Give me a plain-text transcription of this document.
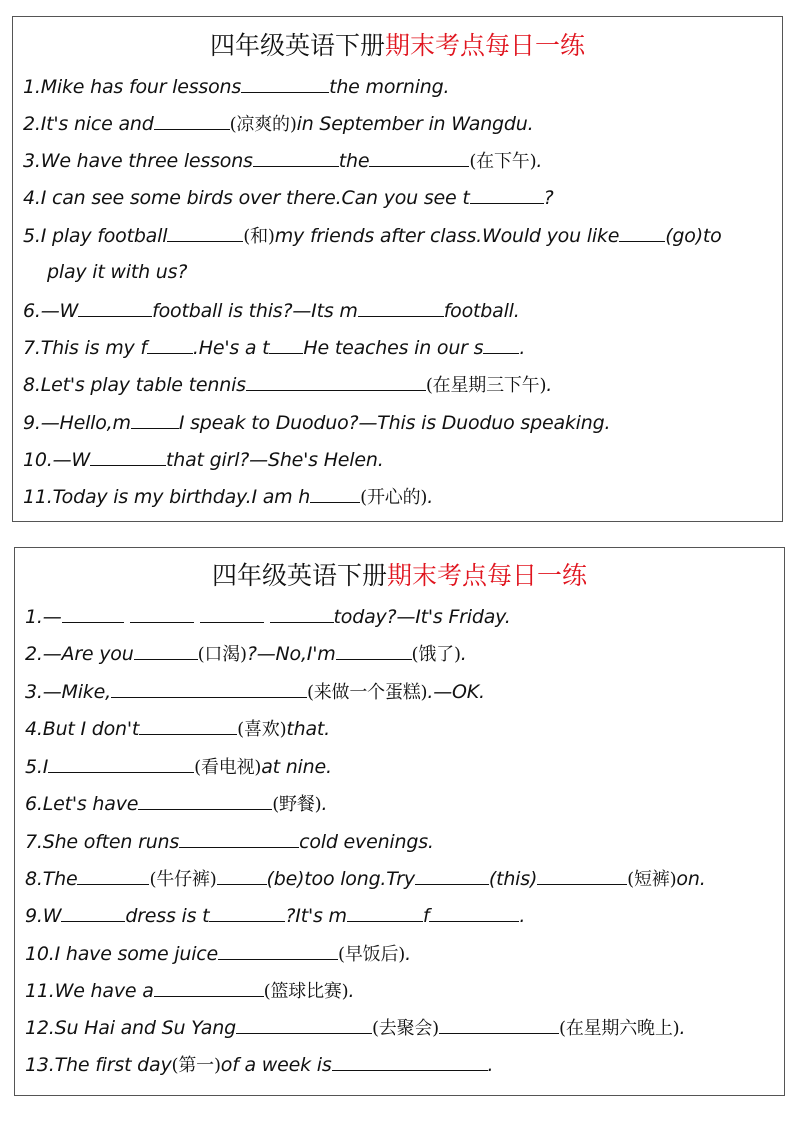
四年级英语下册期末考点每日一练
1.Mike has four lessons	the morning.
2.It's nice and	(凉爽的)in September in Wangdu.
3.We have three lessons	the	(在下午).
4.I can see some birds over there.Can you see t	?
5.I play football	(和)my friends after class.Would you like (go)to
play it with us?
6.—W	football is this?—Its m	football.
7.This is my f .He's a t He teaches in our s .
8.Let's play table tennis	(在星期三下午).
9.—Hello,m	I speak to Duoduo?—This is Duoduo speaking.
10.—W	that girl?—She's Helen.
11.Today is my birthday.I am h	(开心的).
四年级英语下册期末考点每日一练
1.—	today?—It's Friday.
2.—Are you	(口渴)?—No,I'm	(饿了).
3.—Mike,	(来做一个蛋糕).—OK.
4.But I don't	(喜欢)that.
5.I	(看电视)at nine.
6.Let's have	(野餐).
7.She often runs	cold evenings.
8.The	(牛仔裤)	(be)too long.Try	(this)	(短裤)on.
9.W	dress is t	?It's m	f	.
10.I have some juice	(早饭后).
11.We have a	(篮球比赛).
12.Su Hai and Su Yang	(去聚会)	(在星期六晚上).
13.The first day(第一)of a week is	.
